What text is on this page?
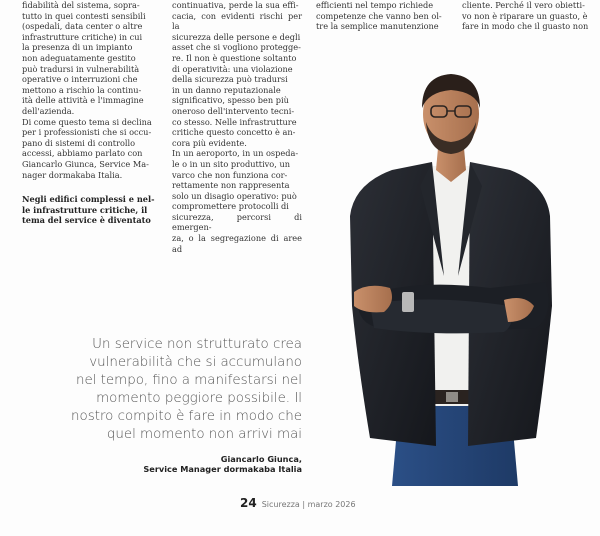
fidabilità del sistema, sopra-

tutto in quei contesti sensibili

(ospedali, data center o altre

infrastrutture critiche) in cui

la presenza di un impianto

non adeguatamente gestito

può tradursi in vulnerabilità

operative o interruzioni che

mettono a rischio la continu-

ità delle attività e l'immagine

dell'azienda.

Di come questo tema si declina

per i professionisti che si occu-

pano di sistemi di controllo

accessi, abbiamo parlato con

Giancarlo Giunca, Service Ma-

nager dormakaba Italia.

Negli edifici complessi e nel-

le infrastrutture critiche, il

tema del service è diventato

continuativa, perde la sua effi-

cacia, con evidenti rischi per la

sicurezza delle persone e degli

asset che si vogliono protegge-

re. Il non è questione soltanto

di operatività: una violazione

della sicurezza può tradursi

in un danno reputazionale

significativo, spesso ben più

oneroso dell'intervento tecni-

co stesso. Nelle infrastrutture

critiche questo concetto è an-

cora più evidente.

In un aeroporto, in un ospeda-

le o in un sito produttivo, un

varco che non funziona cor-

rettamente non rappresenta

solo un disagio operativo: può

compromettere protocolli di

sicurezza, percorsi di emergen-

za, o la segregazione di aree ad

efficienti nel tempo richiede

competenze che vanno ben ol-

tre la semplice manutenzione

cliente. Perché il vero obietti-

vo non è riparare un guasto, è

fare in modo che il guasto non

Un service non strutturato crea
vulnerabilità che si accumulano
nel tempo, fino a manifestarsi nel
momento peggiore possibile. Il
nostro compito è fare in modo che
quel momento non arrivi mai
Giancarlo Giunca,
Service Manager dormakaba Italia
24 Sicurezza | marzo 2026
